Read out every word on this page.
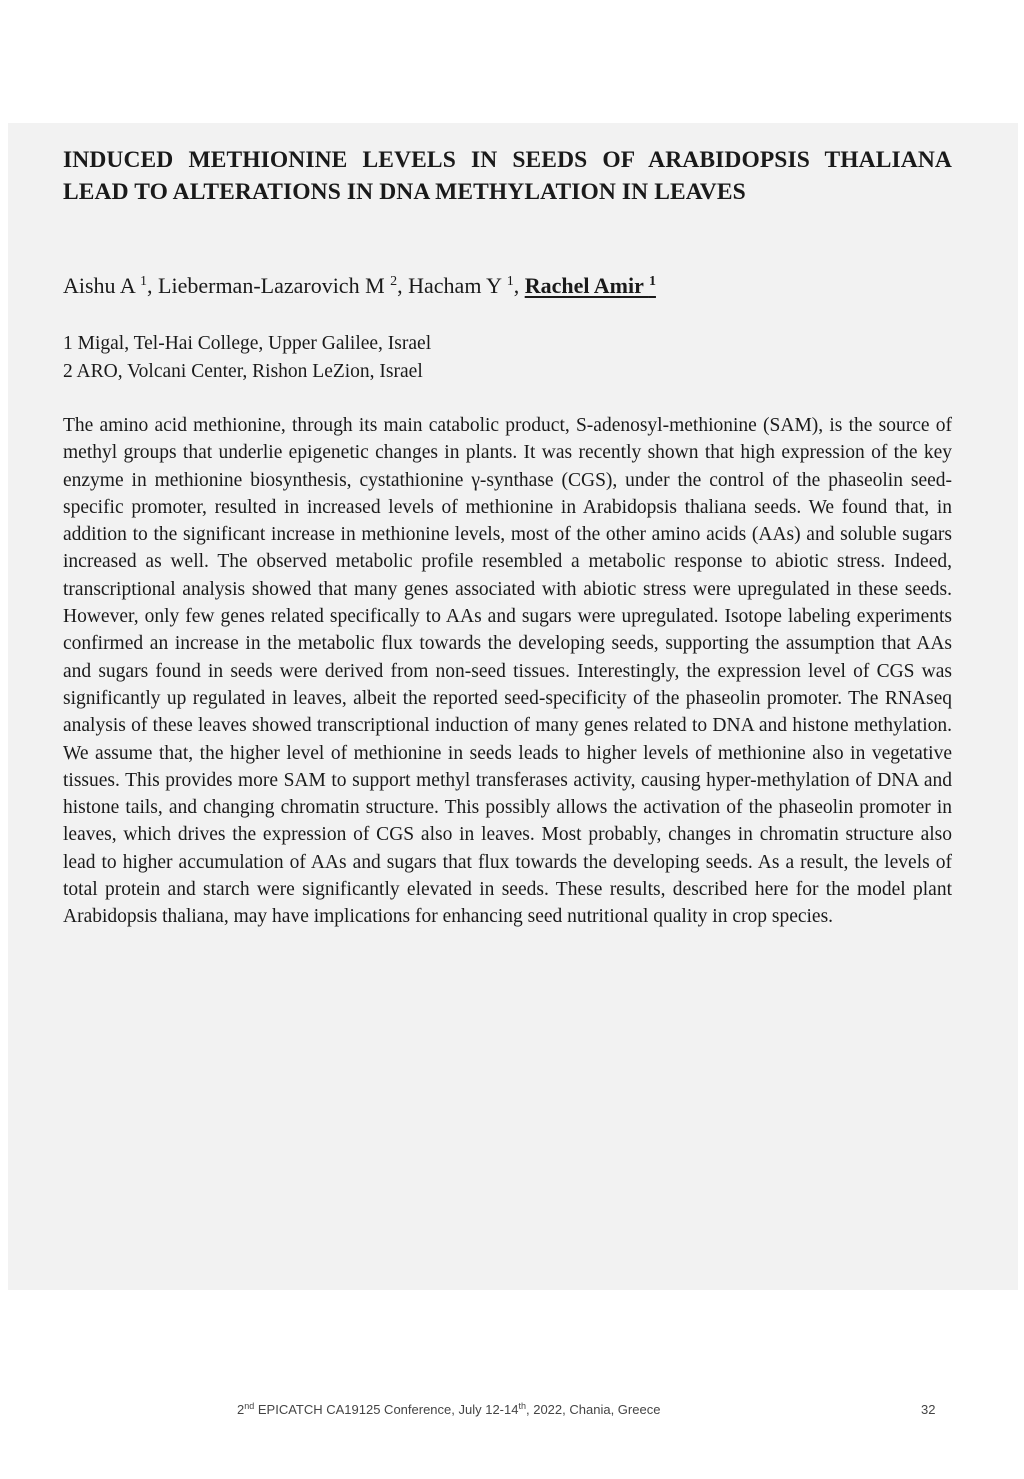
INDUCED METHIONINE LEVELS IN SEEDS OF ARABIDOPSIS THALIANA LEAD TO ALTERATIONS IN DNA METHYLATION IN LEAVES

Aishu A $^1$, Lieberman-Lazarovich M $^2$, Hacham Y $^1$, Rachel Amir $^1$

1 Migal, Tel-Hai College, Upper Galilee, Israel
2 ARO, Volcani Center, Rishon LeZion, Israel

The amino acid methionine, through its main catabolic product, S-adenosyl-methionine (SAM), is the source of methyl groups that underlie epigenetic changes in plants. It was recently shown that high expression of the key enzyme in methionine biosynthesis, cystathionine γ-synthase (CGS), under the control of the phaseolin seed-specific promoter, resulted in increased levels of methionine in Arabidopsis thaliana seeds. We found that, in addition to the significant increase in methionine levels, most of the other amino acids (AAs) and soluble sugars increased as well. The observed metabolic profile resembled a metabolic response to abiotic stress. Indeed, transcriptional analysis showed that many genes associated with abiotic stress were upregulated in these seeds. However, only few genes related specifically to AAs and sugars were upregulated. Isotope labeling experiments confirmed an increase in the metabolic flux towards the developing seeds, supporting the assumption that AAs and sugars found in seeds were derived from non-seed tissues. Interestingly, the expression level of CGS was significantly up regulated in leaves, albeit the reported seed-specificity of the phaseolin promoter. The RNAseq analysis of these leaves showed transcriptional induction of many genes related to DNA and histone methylation. We assume that, the higher level of methionine in seeds leads to higher levels of methionine also in vegetative tissues. This provides more SAM to support methyl transferases activity, causing hyper-methylation of DNA and histone tails, and changing chromatin structure. This possibly allows the activation of the phaseolin promoter in leaves, which drives the expression of CGS also in leaves. Most probably, changes in chromatin structure also lead to higher accumulation of AAs and sugars that flux towards the developing seeds. As a result, the levels of total protein and starch were significantly elevated in seeds. These results, described here for the model plant Arabidopsis thaliana, may have implications for enhancing seed nutritional quality in crop species.

2nd EPICATCH CA19125 Conference, July 12-14th, 2022, Chania, Greece	32
